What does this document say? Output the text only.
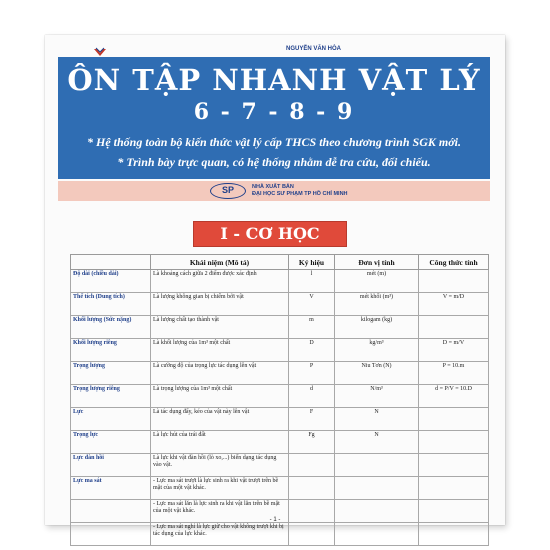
NGUYỄN VĂN HÒA
ÔN TẬP NHANH VẬT LÝ
6 - 7 - 8 - 9
* Hệ thống toàn bộ kiến thức vật lý cấp THCS theo chương trình SGK mới.
* Trình bày trực quan, có hệ thống nhằm dễ tra cứu, đối chiếu.
SP	NHÀ XUẤT BẢN
ĐẠI HỌC SƯ PHẠM TP HỒ CHÍ MINH
I - CƠ HỌC
	Khái niệm (Mô tả)	Ký hiệu	Đơn vị tính	Công thức tính
Độ dài (chiều dài)	Là khoảng cách giữa 2 điểm được xác định	l	mét (m)	
Thể tích (Dung tích)	Là lượng không gian bị chiếm bởi vật	V	mét khối (m³)	V = m/D
Khối lượng (Sức nặng)	Là lượng chất tạo thành vật	m	kilogam (kg)	
Khối lượng riêng	Là khối lượng của 1m³ một chất	D	kg/m³	D = m/V
Trọng lượng	Là cường độ của trọng lực tác dụng lên vật	P	Niu Tơn (N)	P = 10.m
Trọng lượng riêng	Là trọng lượng của 1m³ một chất	d	N/m³	d = P/V = 10.D
Lực	Là tác dụng đẩy, kéo của vật này lên vật	F	N	
Trọng lực	Là lực hút của trái đất	Fg	N	
Lực đàn hồi	Là lực khi vật đàn hồi (lò xo,...) biến dạng tác dụng vào vật.			
Lực ma sát	- Lực ma sát trượt là lực sinh ra khi vật trượt trên bề mặt của một vật khác.			
	- Lực ma sát lăn là lực sinh ra khi vật lăn trên bề mặt của một vật khác.			
	- Lực ma sát nghỉ là lực giữ cho vật không trượt khi bị tác dụng của lực khác.			
- 1 -
